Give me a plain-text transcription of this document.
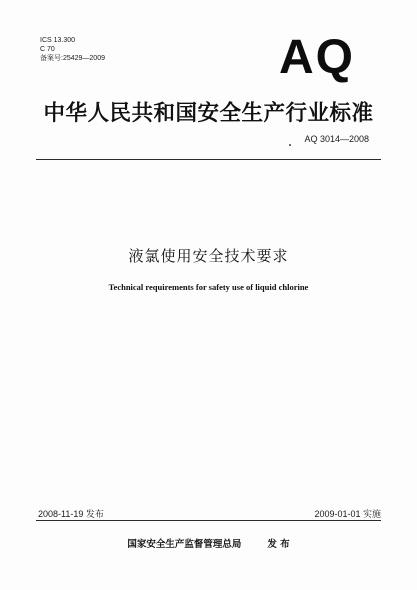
ICS 13.300
C 70
备案号:25429—2009	AQ
中华人民共和国安全生产行业标准
AQ 3014—2008
液氯使用安全技术要求
Technical requirements for safety use of liquid chlorine
2008-11-19 发布	2009-01-01 实施
国家安全生产监督管理总局	发 布
